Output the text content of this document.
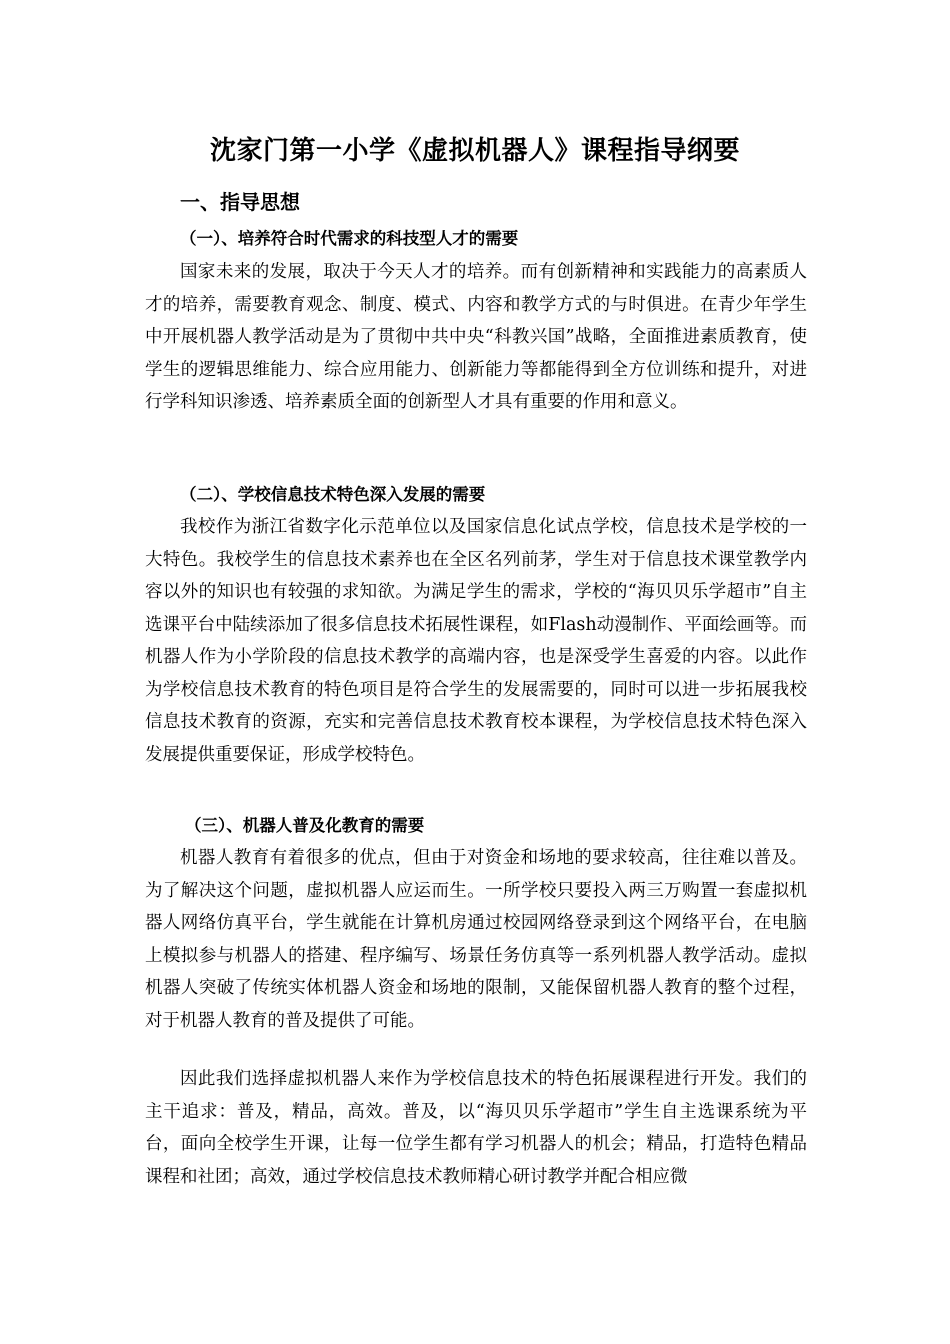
沈家门第一小学《虚拟机器人》课程指导纲要
一、指导思想
（一）、培养符合时代需求的科技型人才的需要
国家未来的发展，取决于今天人才的培养。而有创新精神和实践能力的高素质人才的培养，需要教育观念、制度、模式、内容和教学方式的与时俱进。在青少年学生中开展机器人教学活动是为了贯彻中共中央“科教兴国”战略，全面推进素质教育，使学生的逻辑思维能力、综合应用能力、创新能力等都能得到全方位训练和提升，对进行学科知识渗透、培养素质全面的创新型人才具有重要的作用和意义。
（二）、学校信息技术特色深入发展的需要
我校作为浙江省数字化示范单位以及国家信息化试点学校，信息技术是学校的一大特色。我校学生的信息技术素养也在全区名列前茅，学生对于信息技术课堂教学内容以外的知识也有较强的求知欲。为满足学生的需求，学校的“海贝贝乐学超市”自主选课平台中陆续添加了很多信息技术拓展性课程，如Flash动漫制作、平面绘画等。而机器人作为小学阶段的信息技术教学的高端内容，也是深受学生喜爱的内容。以此作为学校信息技术教育的特色项目是符合学生的发展需要的，同时可以进一步拓展我校信息技术教育的资源，充实和完善信息技术教育校本课程，为学校信息技术特色深入发展提供重要保证，形成学校特色。
（三）、机器人普及化教育的需要
机器人教育有着很多的优点，但由于对资金和场地的要求较高，往往难以普及。为了解决这个问题，虚拟机器人应运而生。一所学校只要投入两三万购置一套虚拟机器人网络仿真平台，学生就能在计算机房通过校园网络登录到这个网络平台，在电脑上模拟参与机器人的搭建、程序编写、场景任务仿真等一系列机器人教学活动。虚拟机器人突破了传统实体机器人资金和场地的限制，又能保留机器人教育的整个过程，对于机器人教育的普及提供了可能。
因此我们选择虚拟机器人来作为学校信息技术的特色拓展课程进行开发。我们的主干追求：普及，精品，高效。普及，以“海贝贝乐学超市”学生自主选课系统为平台，面向全校学生开课，让每一位学生都有学习机器人的机会；精品，打造特色精品课程和社团；高效，通过学校信息技术教师精心研讨教学并配合相应微
